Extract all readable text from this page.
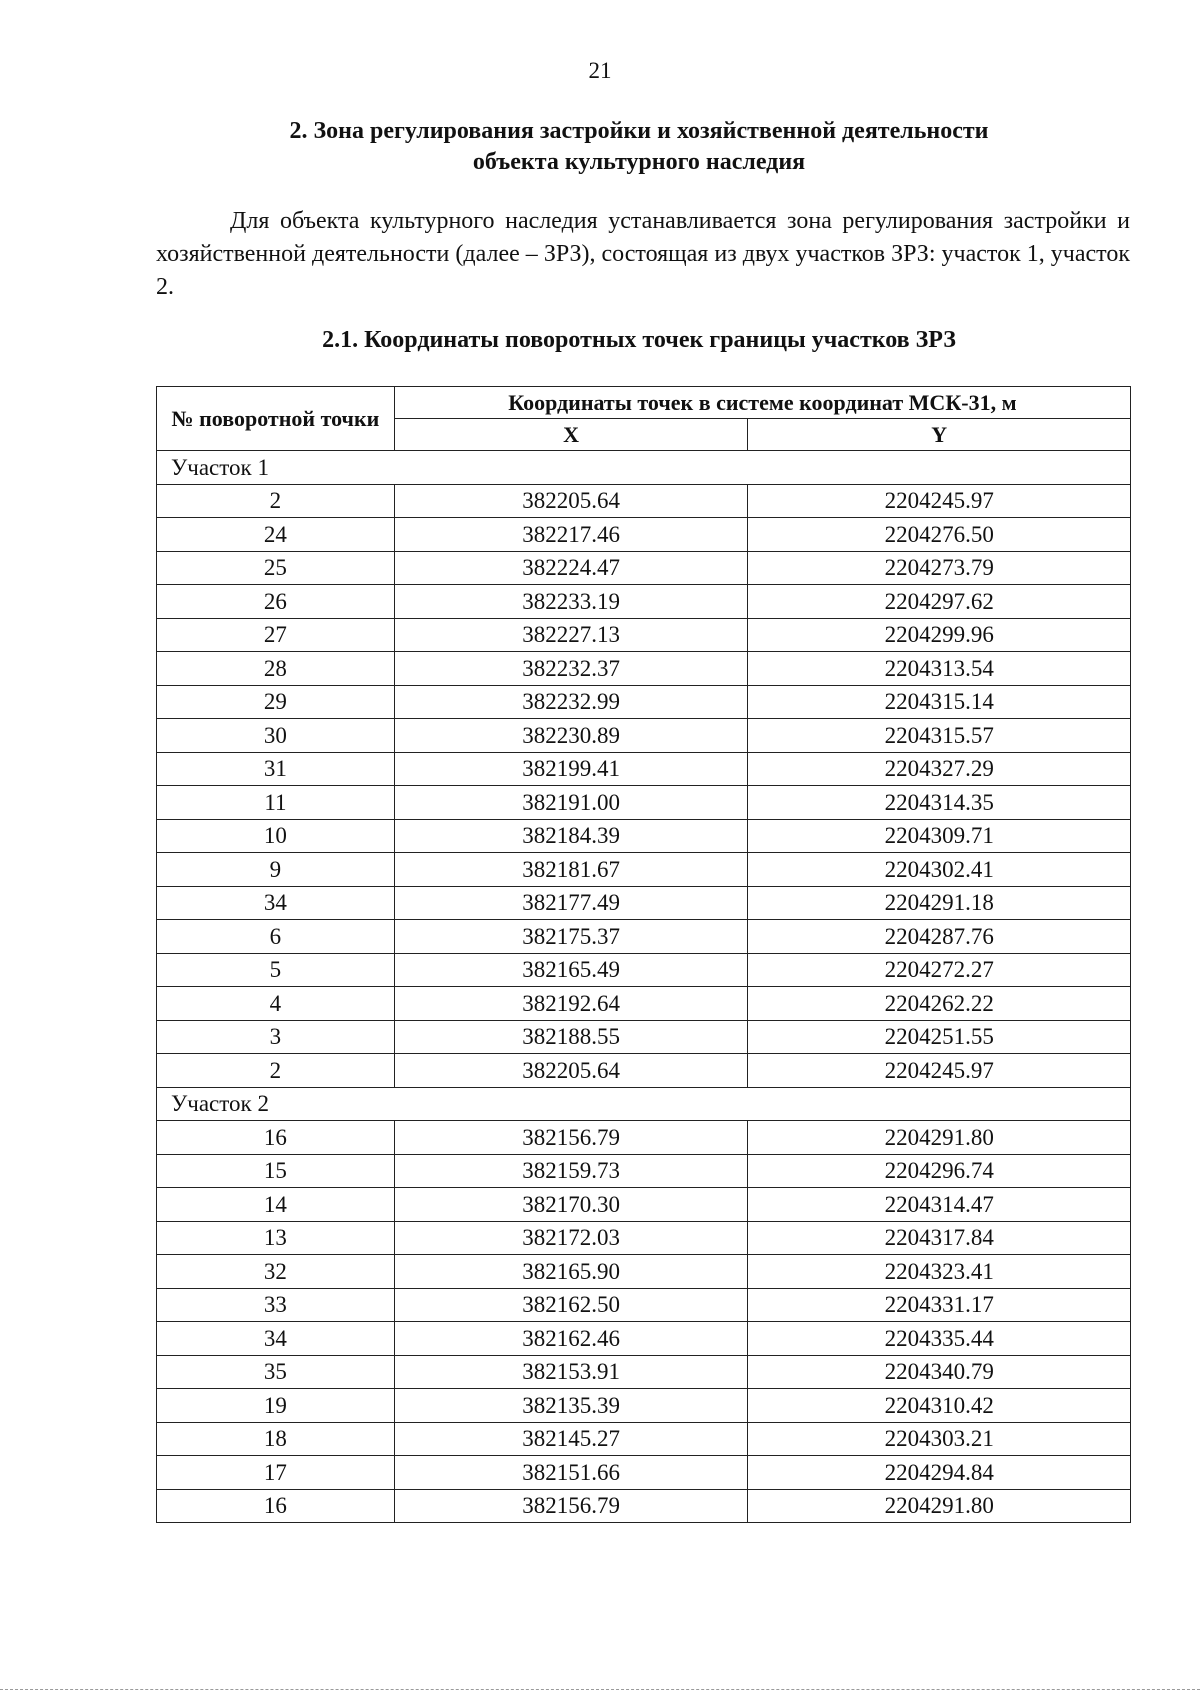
21
2. Зона регулирования застройки и хозяйственной деятельности
объекта культурного наследия

Для объекта культурного наследия устанавливается зона регулирования застройки и хозяйственной деятельности (далее – ЗРЗ), состоящая из двух участков ЗРЗ: участок 1, участок 2.

2.1. Координаты поворотных точек границы участков ЗРЗ
№ поворотной точки	Координаты точек в системе координат МСК-31, м	
	X	Y
Участок 1		
2	382205.64	2204245.97
24	382217.46	2204276.50
25	382224.47	2204273.79
26	382233.19	2204297.62
27	382227.13	2204299.96
28	382232.37	2204313.54
29	382232.99	2204315.14
30	382230.89	2204315.57
31	382199.41	2204327.29
11	382191.00	2204314.35
10	382184.39	2204309.71
9	382181.67	2204302.41
34	382177.49	2204291.18
6	382175.37	2204287.76
5	382165.49	2204272.27
4	382192.64	2204262.22
3	382188.55	2204251.55
2	382205.64	2204245.97
Участок 2		
16	382156.79	2204291.80
15	382159.73	2204296.74
14	382170.30	2204314.47
13	382172.03	2204317.84
32	382165.90	2204323.41
33	382162.50	2204331.17
34	382162.46	2204335.44
35	382153.91	2204340.79
19	382135.39	2204310.42
18	382145.27	2204303.21
17	382151.66	2204294.84
16	382156.79	2204291.80
